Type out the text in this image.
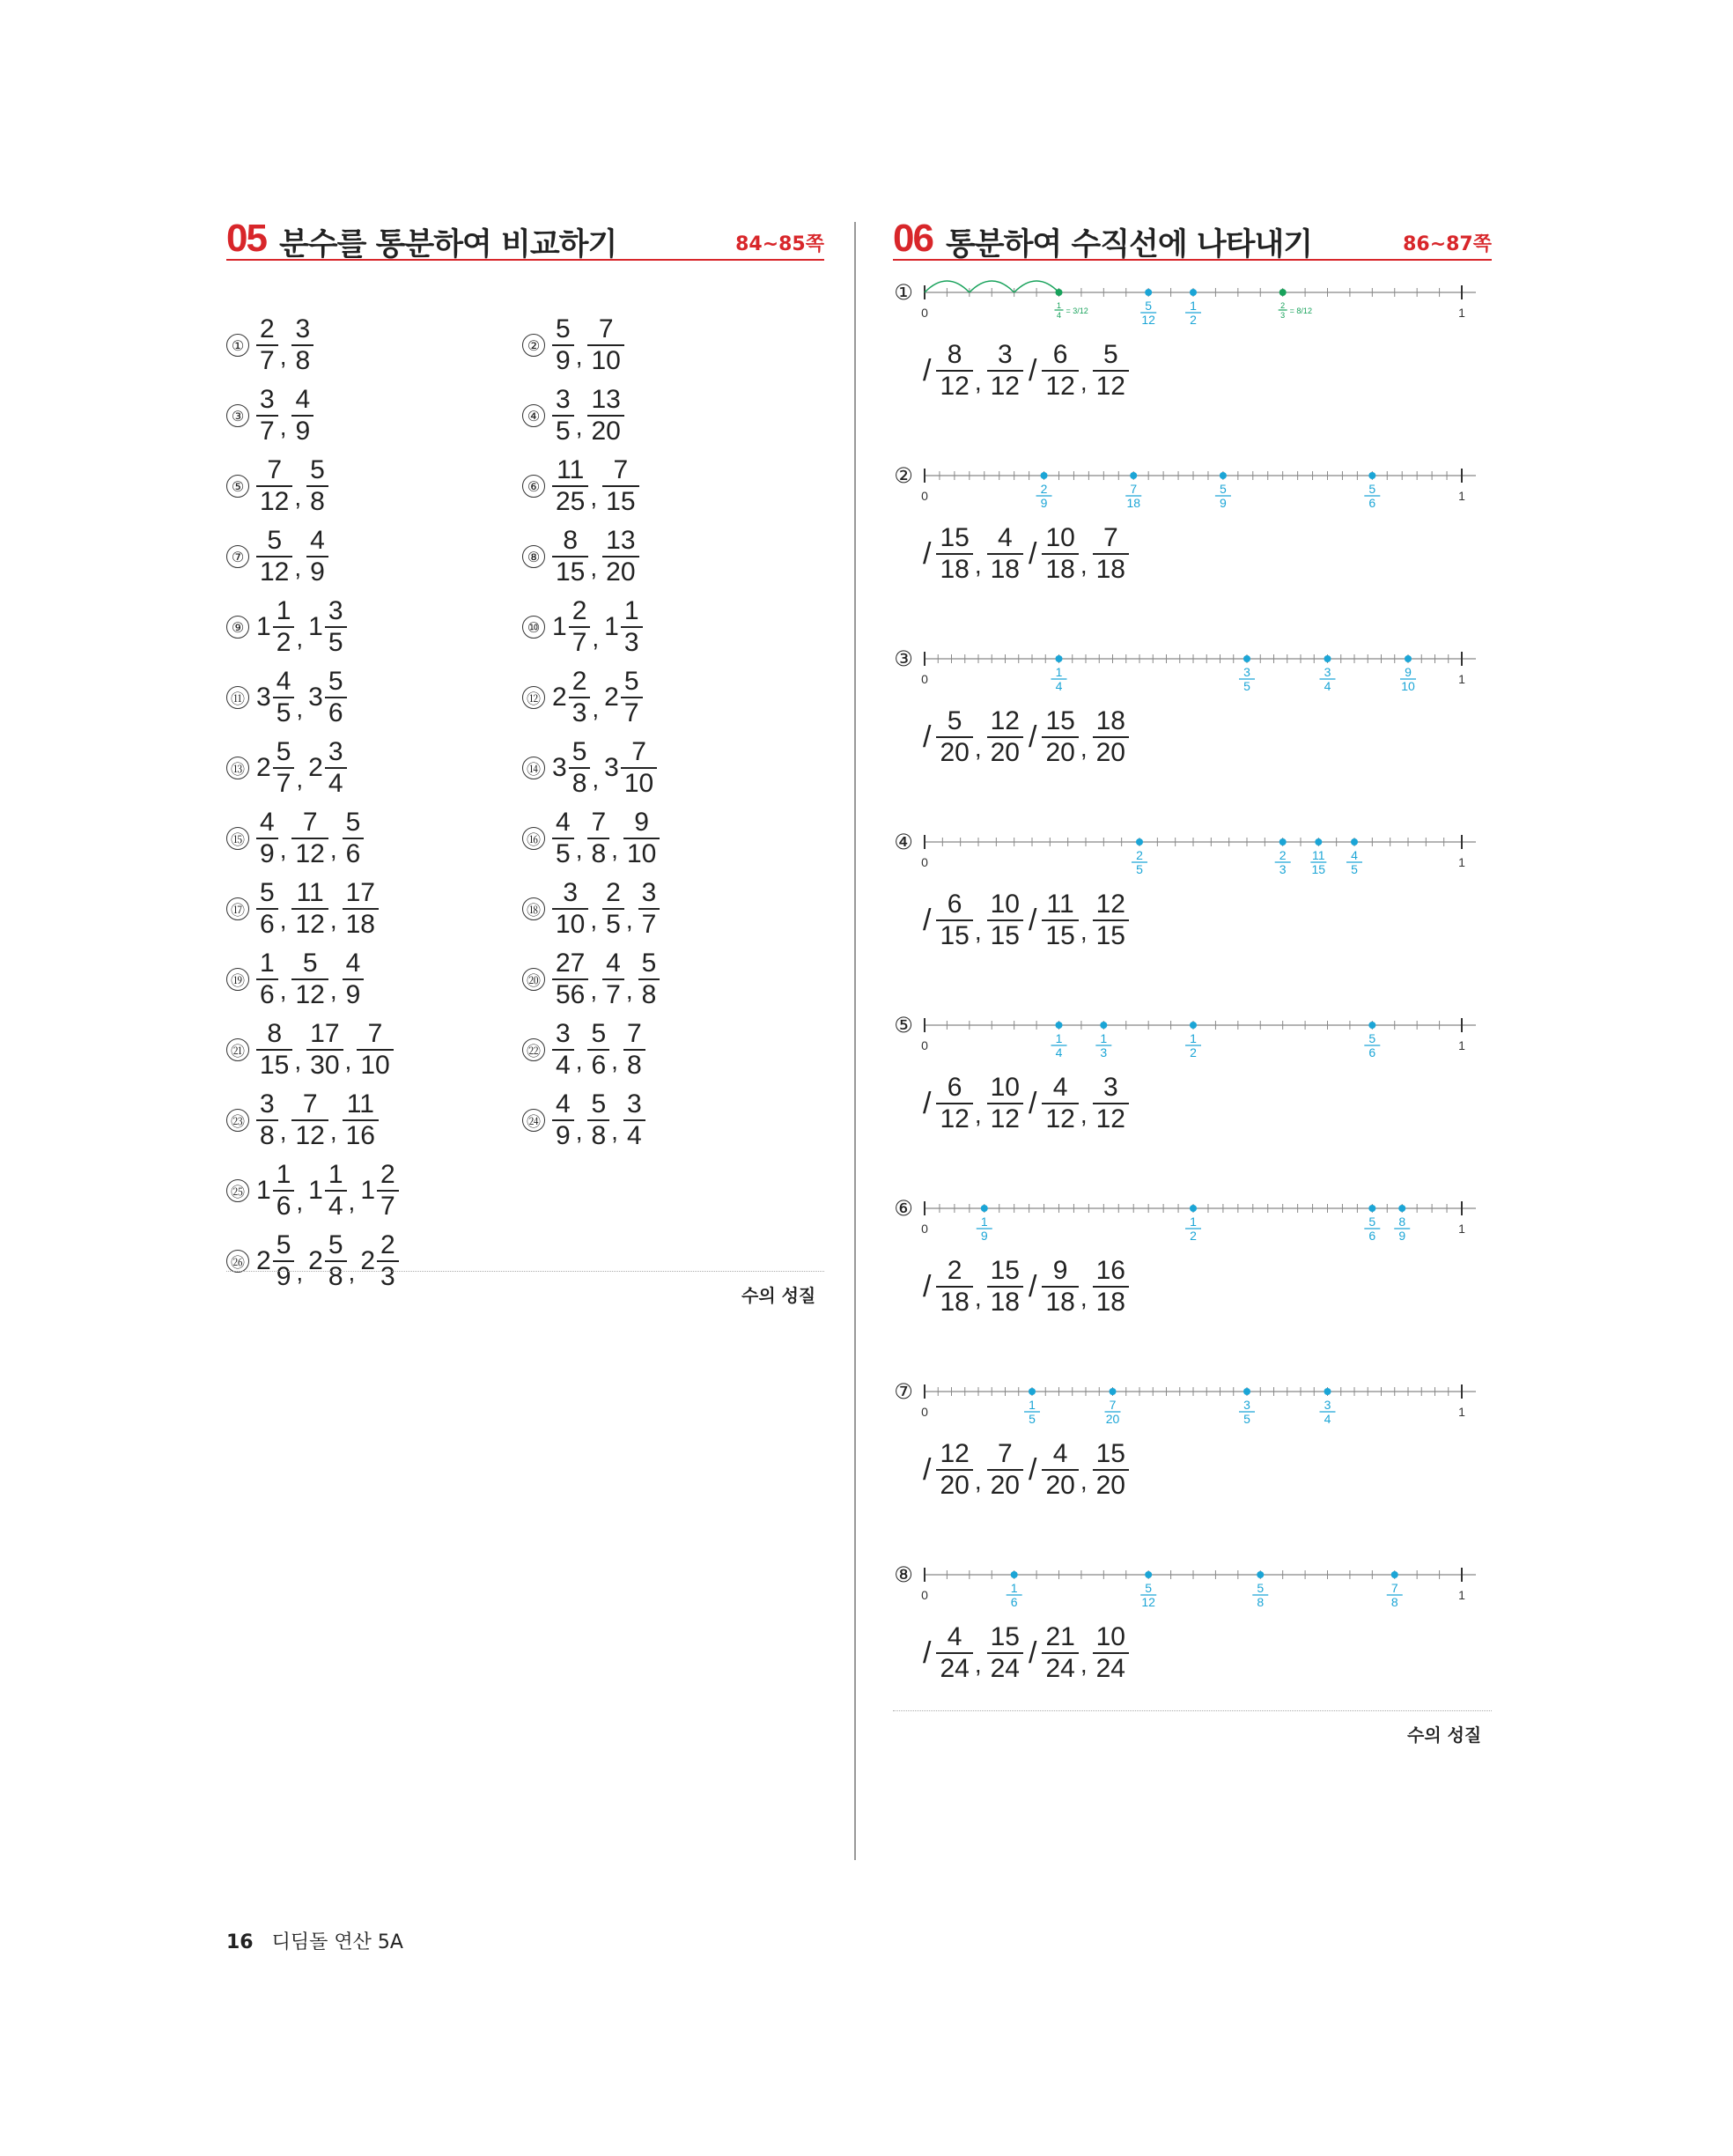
05 분수를 통분하여 비교하기	84~85쪽
① $\frac{2}{7}$ , $\frac{3}{8}$	② $\frac{5}{9}$ , $\frac{7}{10}$
③ $\frac{3}{7}$ , $\frac{4}{9}$	④ $\frac{3}{5}$ , $\frac{13}{20}$
⑤ $\frac{7}{12}$ , $\frac{5}{8}$	⑥ $\frac{11}{25}$ , $\frac{7}{15}$
⑦ $\frac{5}{12}$ , $\frac{4}{9}$	⑧ $\frac{8}{15}$ , $\frac{13}{20}$
⑨ $1 \frac{1}{2}$ , $1 \frac{3}{5}$	⑩ $1 \frac{2}{7}$ , $1 \frac{1}{3}$
⑪ $3 \frac{4}{5}$ , $3 \frac{5}{6}$	⑫ $2 \frac{2}{3}$ , $2 \frac{5}{7}$
⑬ $2 \frac{5}{7}$ , $2 \frac{3}{4}$	⑭ $3 \frac{5}{8}$ , $3 \frac{7}{10}$
⑮ $\frac{4}{9}$ , $\frac{7}{12}$ , $\frac{5}{6}$	⑯ $\frac{4}{5}$ , $\frac{7}{8}$ , $\frac{9}{10}$
⑰ $\frac{5}{6}$ , $\frac{11}{12}$ , $\frac{17}{18}$	⑱ $\frac{3}{10}$ , $\frac{2}{5}$ , $\frac{3}{7}$
⑲ $\frac{1}{6}$ , $\frac{5}{12}$ , $\frac{4}{9}$	⑳ $\frac{27}{56}$ , $\frac{4}{7}$ , $\frac{5}{8}$
㉑ $\frac{8}{15}$ , $\frac{17}{30}$ , $\frac{7}{10}$	㉒ $\frac{3}{4}$ , $\frac{5}{6}$ , $\frac{7}{8}$
㉓ $\frac{3}{8}$ , $\frac{7}{12}$ , $\frac{11}{16}$	㉔ $\frac{4}{9}$ , $\frac{5}{8}$ , $\frac{3}{4}$
㉕ $1 \frac{1}{6}$ , $1 \frac{1}{4}$ , $1 \frac{2}{7}$
㉖ $2 \frac{5}{9}$ , $2 \frac{5}{8}$ , $2 \frac{2}{3}$
수의 성질
06 통분하여 수직선에 나타내기	86~87쪽
①
0	1
1
4 = 3/12	5
12
1
2
2
3 = 8/12
/ $\frac{8}{12}$ , $\frac{3}{12} / \frac{6}{12}$ , $\frac{5}{12}$
②
0	1
2
9
7
18
5
9
5
6
/ $\frac{15}{18}$ , $\frac{4}{18} / \frac{10}{18}$ , $\frac{7}{18}$
③
0	1
1
4
3
5
3
4
9
10
/ $\frac{5}{20}$ , $\frac{12}{20} / \frac{15}{20}$ , $\frac{18}{20}$
④
0	1
2
5
2
3
11
15
4
5
/ $\frac{6}{15}$ , $\frac{10}{15} / \frac{11}{15}$ , $\frac{12}{15}$
⑤
0	1
1
4
1
3
1
2
5
6
/ $\frac{6}{12}$ , $\frac{10}{12} / \frac{4}{12}$ , $\frac{3}{12}$
⑥
0	1
1
9
1
2
5
6
8
9
/ $\frac{2}{18}$ , $\frac{15}{18} / \frac{9}{18}$ , $\frac{16}{18}$
⑦
0	1
1
5
7
20
3
5
3
4
/ $\frac{12}{20}$ , $\frac{7}{20} / \frac{4}{20}$ , $\frac{15}{20}$
⑧
0	1
1
6
5
12
5
8
7
8
/ $\frac{4}{24}$ , $\frac{15}{24} / \frac{21}{24}$ , $\frac{10}{24}$
수의 성질
16 디딤돌 연산 5A
